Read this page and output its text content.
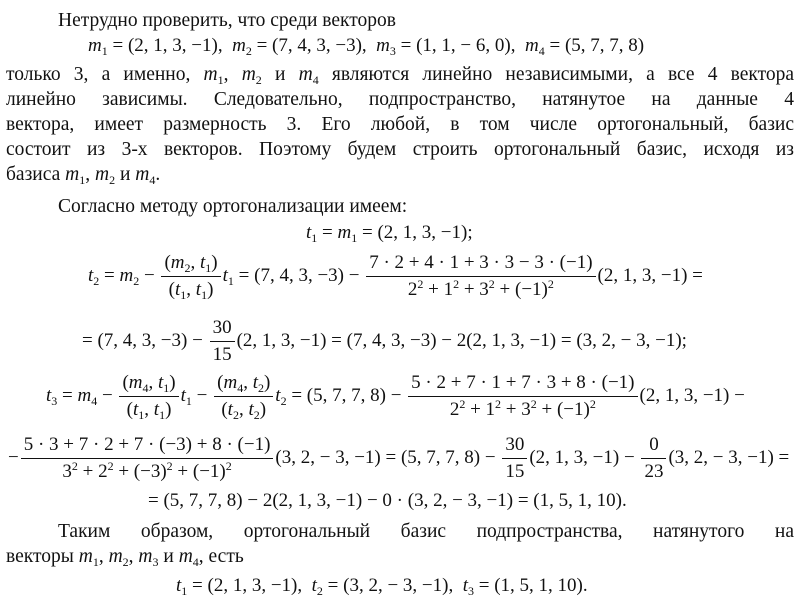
Нетрудно проверить, что среди векторов
$m_1 = (2$, 1, 3, −1),  $m_2 = (7$, 4, 3, −3),  $m_3 = (1$, 1, − 6, 0),  $m_4 = (5$, 7, 7, 8)
только 3, а именно, $m_1$, $m_2$ и $m_4$ являются линейно независимыми, а все 4 вектора
линейно зависимы. Следовательно, подпространство, натянутое на данные 4
вектора, имеет размерность 3. Его любой, в том числе ортогональный, базис
состоит из 3-х векторов. Поэтому будем строить ортогональный базис, исходя из
базиса $m_1$, $m_2$ и $m_4$.
Согласно методу ортогонализации имеем:
$t_1 = m_1 = (2$, 1, 3, −1);
$t_2 = m_2 - \frac{(m_2, t_1)}{(t_1, t_1)} t_1 = (7$, 4, 3, $-3) - \frac{7 \cdot 2 + 4 \cdot 1 + 3 \cdot 3 - 3 \cdot (-1)}{2^2 + 1^2 + 3^2 + (-1)^2} (2$, 1, 3, −1) =
= (7, 4, 3, $-3) - \frac{30}{15} (2$, 1, 3, −1) = (7, 4, 3, −3) − 2(2, 1, 3, −1) = (3, 2, − 3, −1);
$t_3 = m_4 - \frac{(m_4, t_1)}{(t_1, t_1)} t_1 - \frac{(m_4, t_2)}{(t_2, t_2)} t_2 = (5$, 7, 7, $8) - \frac{5 \cdot 2 + 7 \cdot 1 + 7 \cdot 3 + 8 \cdot (-1)}{2^2 + 1^2 + 3^2 + (-1)^2} (2$, 1, 3, −1) −
− $\frac{5 \cdot 3 + 7 \cdot 2 + 7 \cdot (-3) + 8 \cdot (-1)}{3^2 + 2^2 + (-3)^2 + (-1)^2} (3$, 2, − 3, −1) = (5, 7, 7, $8) - \frac{30}{15} (2$, 1, 3, $-1) - \frac{0}{23} (3$, 2, − 3, −1) =
= (5, 7, 7, 8) − 2(2, 1, 3, −1) − 0 · (3, 2, − 3, −1) = (1, 5, 1, 10).
Таким образом, ортогональный базис подпространства, натянутого на
векторы $m_1$, $m_2$, $m_3$ и $m_4$, есть
$t_1 = (2$, 1, 3, −1), $t_2 = (3$, 2, − 3, −1), $t_3 = (1$, 5, 1, 10).
